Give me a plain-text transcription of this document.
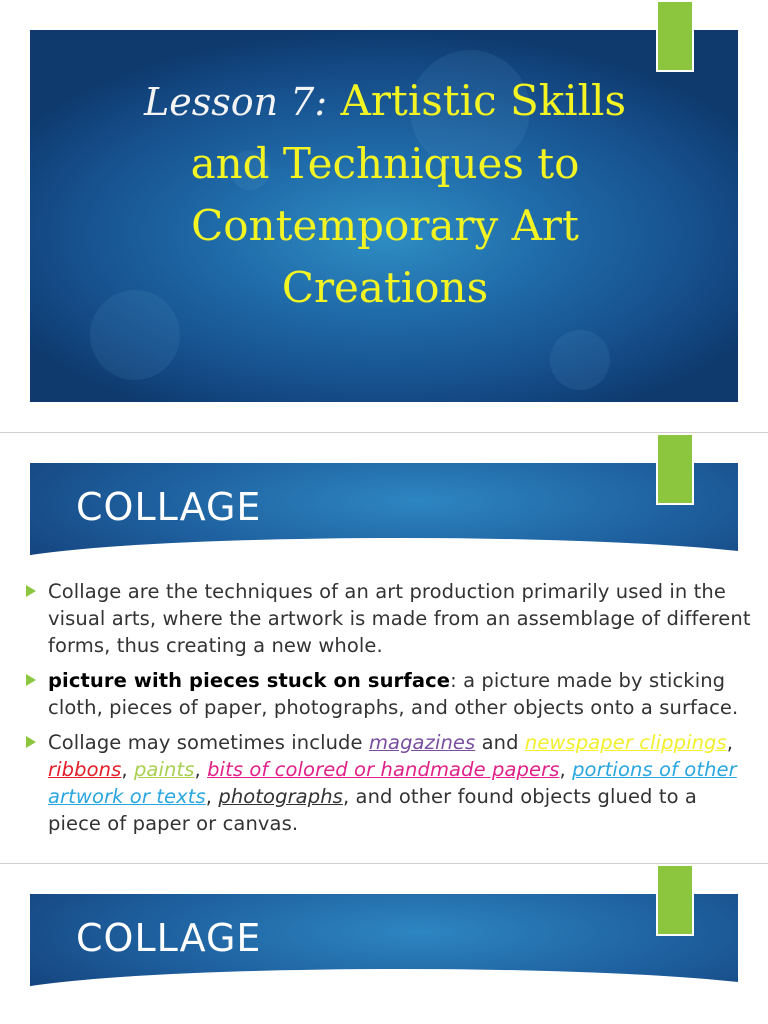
Lesson 7: Artistic Skills
and Techniques to
Contemporary Art
Creations
COLLAGE
Collage are the techniques of an art production primarily used in the visual arts, where the artwork is made from an assemblage of different forms, thus creating a new whole.
picture with pieces stuck on surface: a picture made by sticking cloth, pieces of paper, photographs, and other objects onto a surface.
Collage may sometimes include magazines and newspaper clippings, ribbons, paints, bits of colored or handmade papers, portions of other artwork or texts, photographs, and other found objects glued to a piece of paper or canvas.
COLLAGE
